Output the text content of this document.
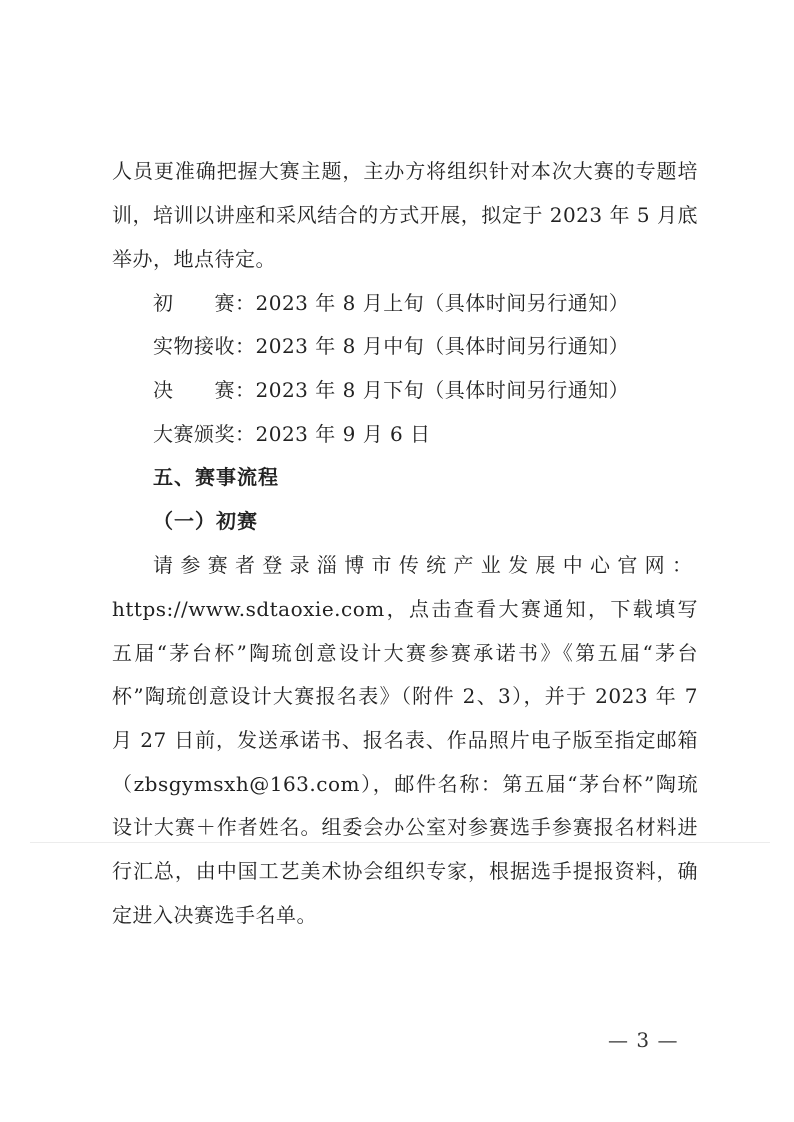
人员更准确把握大赛主题，主办方将组织针对本次大赛的专题培
训，培训以讲座和采风结合的方式开展，拟定于 2023 年 5 月底
举办，地点待定。
初　　赛：2023 年 8 月上旬（具体时间另行通知）
实物接收：2023 年 8 月中旬（具体时间另行通知）
决　　赛：2023 年 8 月下旬（具体时间另行通知）
大赛颁奖：2023 年 9 月 6 日
五、赛事流程
（一）初赛
请参赛者登录淄博市传统产业发展中心官网：
https://www.sdtaoxie.com，点击查看大赛通知，下载填写
五届“茅台杯”陶琉创意设计大赛参赛承诺书》《第五届“茅台
杯”陶琉创意设计大赛报名表》（附件 2、3），并于 2023 年 7
月 27 日前，发送承诺书、报名表、作品照片电子版至指定邮箱
（zbsgymsxh@163.com），邮件名称：第五届“茅台杯”陶琉
设计大赛＋作者姓名。组委会办公室对参赛选手参赛报名材料进
行汇总，由中国工艺美术协会组织专家，根据选手提报资料，确
定进入决赛选手名单。
— 3 —
